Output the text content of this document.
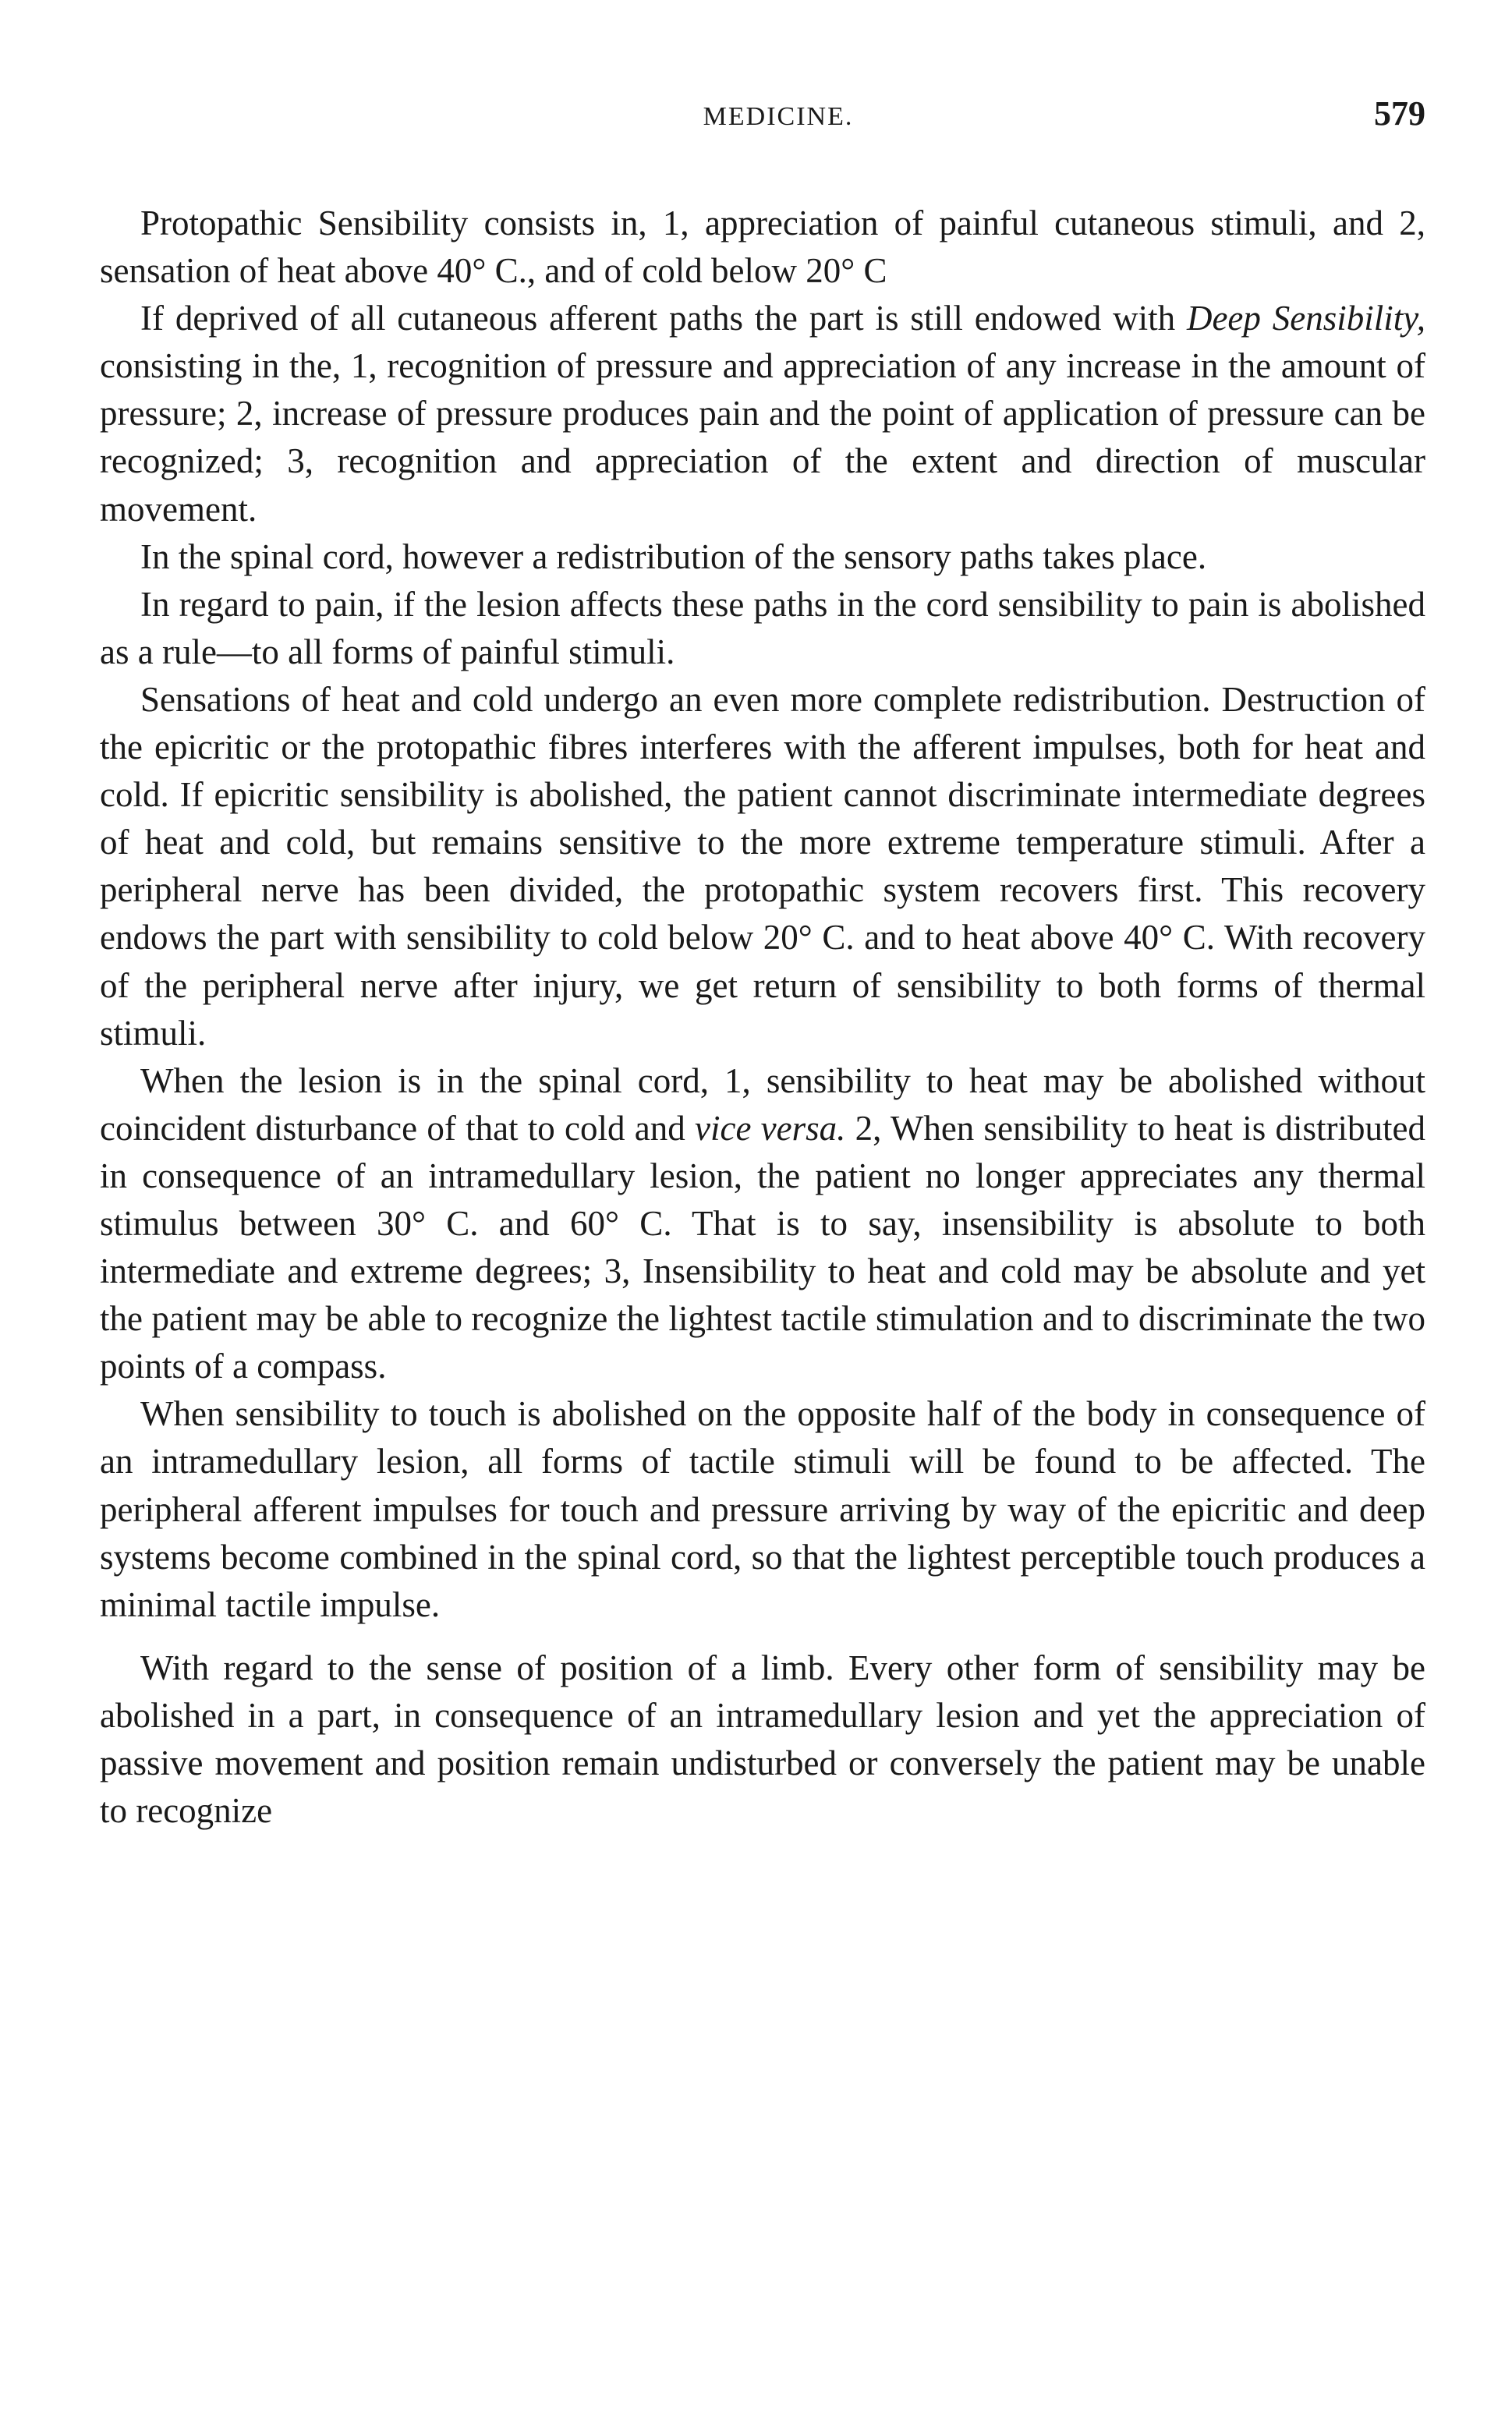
MEDICINE.	579

Protopathic Sensibility consists in, 1, appreciation of painful cutaneous stimuli, and 2, sensation of heat above 40° C., and of cold below 20° C

If deprived of all cutaneous afferent paths the part is still endowed with Deep Sensibility, consisting in the, 1, recognition of pressure and appreciation of any increase in the amount of pressure; 2, increase of pressure produces pain and the point of application of pressure can be recognized; 3, recognition and appreciation of the extent and direction of muscular movement.

In the spinal cord, however a redistribution of the sensory paths takes place.

In regard to pain, if the lesion affects these paths in the cord sensibility to pain is abolished as a rule—to all forms of painful stimuli.

Sensations of heat and cold undergo an even more complete redistribution. Destruction of the epicritic or the protopathic fibres interferes with the afferent impulses, both for heat and cold. If epicritic sensibility is abolished, the patient cannot discriminate intermediate degrees of heat and cold, but remains sensitive to the more extreme temperature stimuli. After a peripheral nerve has been divided, the protopathic system recovers first. This recovery endows the part with sensibility to cold below 20° C. and to heat above 40° C. With recovery of the peripheral nerve after injury, we get return of sensibility to both forms of thermal stimuli.

When the lesion is in the spinal cord, 1, sensibility to heat may be abolished without coincident disturbance of that to cold and vice versa. 2, When sensibility to heat is distributed in consequence of an intramedullary lesion, the patient no longer appreciates any thermal stimulus between 30° C. and 60° C. That is to say, insensibility is absolute to both intermediate and extreme degrees; 3, Insensibility to heat and cold may be absolute and yet the patient may be able to recognize the lightest tactile stimulation and to discriminate the two points of a compass.

When sensibility to touch is abolished on the opposite half of the body in consequence of an intramedullary lesion, all forms of tactile stimuli will be found to be affected. The peripheral afferent impulses for touch and pressure arriving by way of the epicritic and deep systems become combined in the spinal cord, so that the lightest perceptible touch produces a minimal tactile impulse.

With regard to the sense of position of a limb. Every other form of sensibility may be abolished in a part, in consequence of an intramedullary lesion and yet the appreciation of passive movement and position remain undisturbed or conversely the patient may be unable to recognize
